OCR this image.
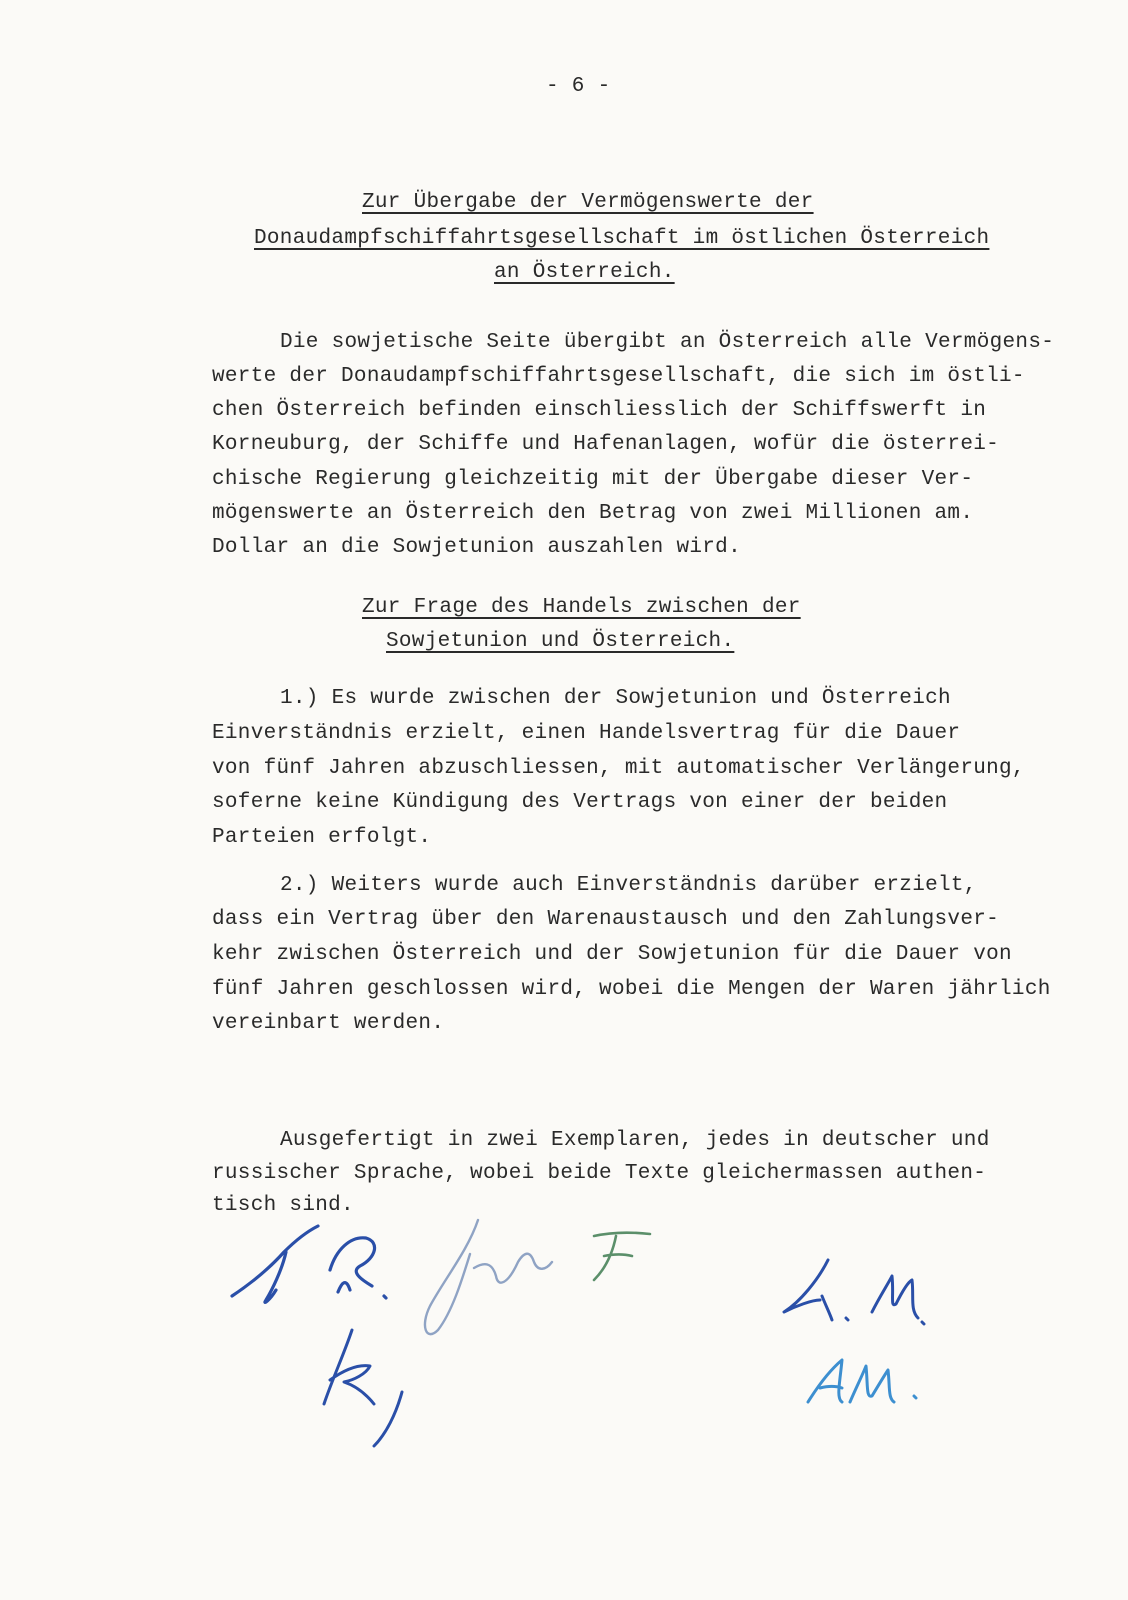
- 6 -
Zur Übergabe der Vermögenswerte der
Donaudampfschiffahrtsgesellschaft im östlichen Österreich
an Österreich.
Die sowjetische Seite übergibt an Österreich alle Vermögens-
werte der Donaudampfschiffahrtsgesellschaft, die sich im östli-
chen Österreich befinden einschliesslich der Schiffswerft in
Korneuburg, der Schiffe und Hafenanlagen, wofür die österrei-
chische Regierung gleichzeitig mit der Übergabe dieser Ver-
mögenswerte an Österreich den Betrag von zwei Millionen am.
Dollar an die Sowjetunion auszahlen wird.
Zur Frage des Handels zwischen der
Sowjetunion und Österreich.
1.) Es wurde zwischen der Sowjetunion und Österreich
Einverständnis erzielt, einen Handelsvertrag für die Dauer
von fünf Jahren abzuschliessen, mit automatischer Verlängerung,
soferne keine Kündigung des Vertrags von einer der beiden
Parteien erfolgt.
2.) Weiters wurde auch Einverständnis darüber erzielt,
dass ein Vertrag über den Warenaustausch und den Zahlungsver-
kehr zwischen Österreich und der Sowjetunion für die Dauer von
fünf Jahren geschlossen wird, wobei die Mengen der Waren jährlich
vereinbart werden.
Ausgefertigt in zwei Exemplaren, jedes in deutscher und
russischer Sprache, wobei beide Texte gleichermassen authen-
tisch sind.
